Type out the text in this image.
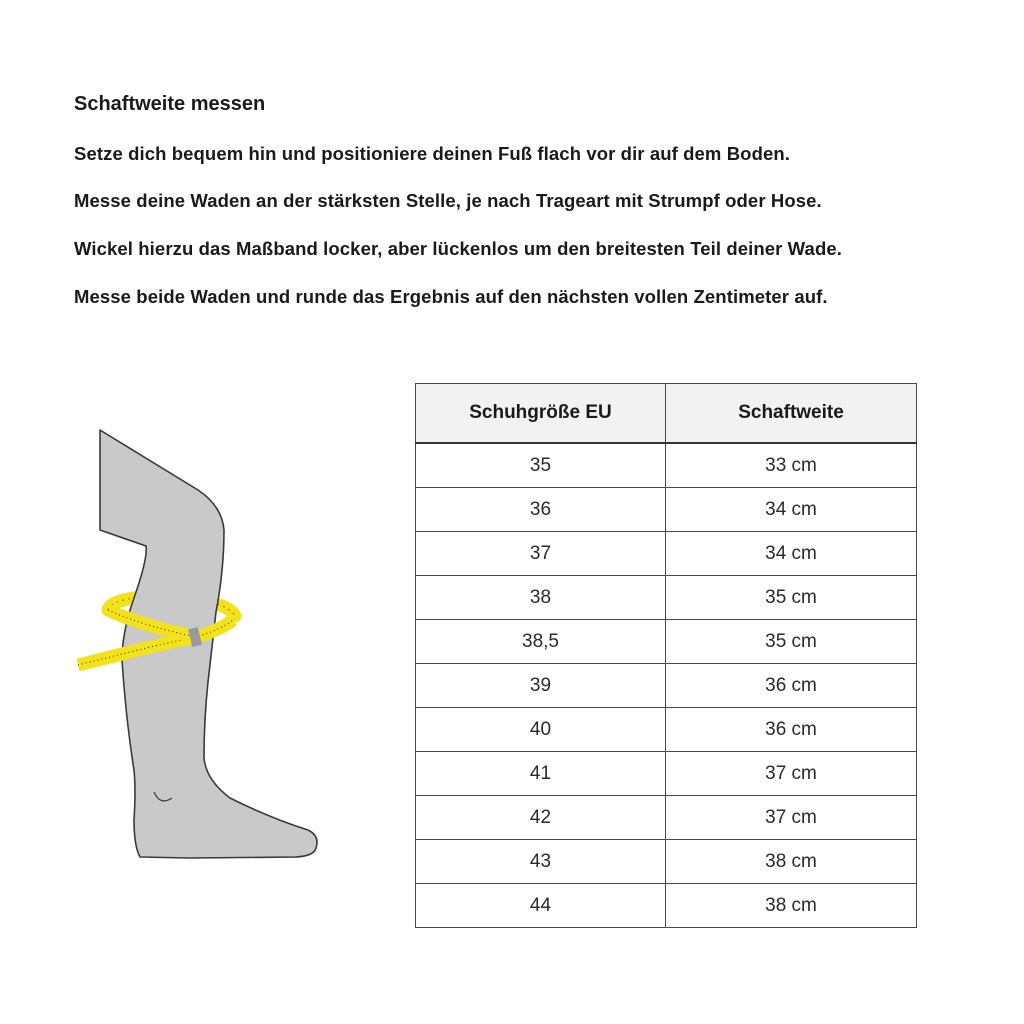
Schaftweite messen

Setze dich bequem hin und positioniere deinen Fuß flach vor dir auf dem Boden.

Messe deine Waden an der stärksten Stelle, je nach Trageart mit Strumpf oder Hose.

Wickel hierzu das Maßband locker, aber lückenlos um den breitesten Teil deiner Wade.

Messe beide Waden und runde das Ergebnis auf den nächsten vollen Zentimeter auf.

Schuhgröße EU	Schaftweite
35	33 cm
36	34 cm
37	34 cm
38	35 cm
38,5	35 cm
39	36 cm
40	36 cm
41	37 cm
42	37 cm
43	38 cm
44	38 cm
